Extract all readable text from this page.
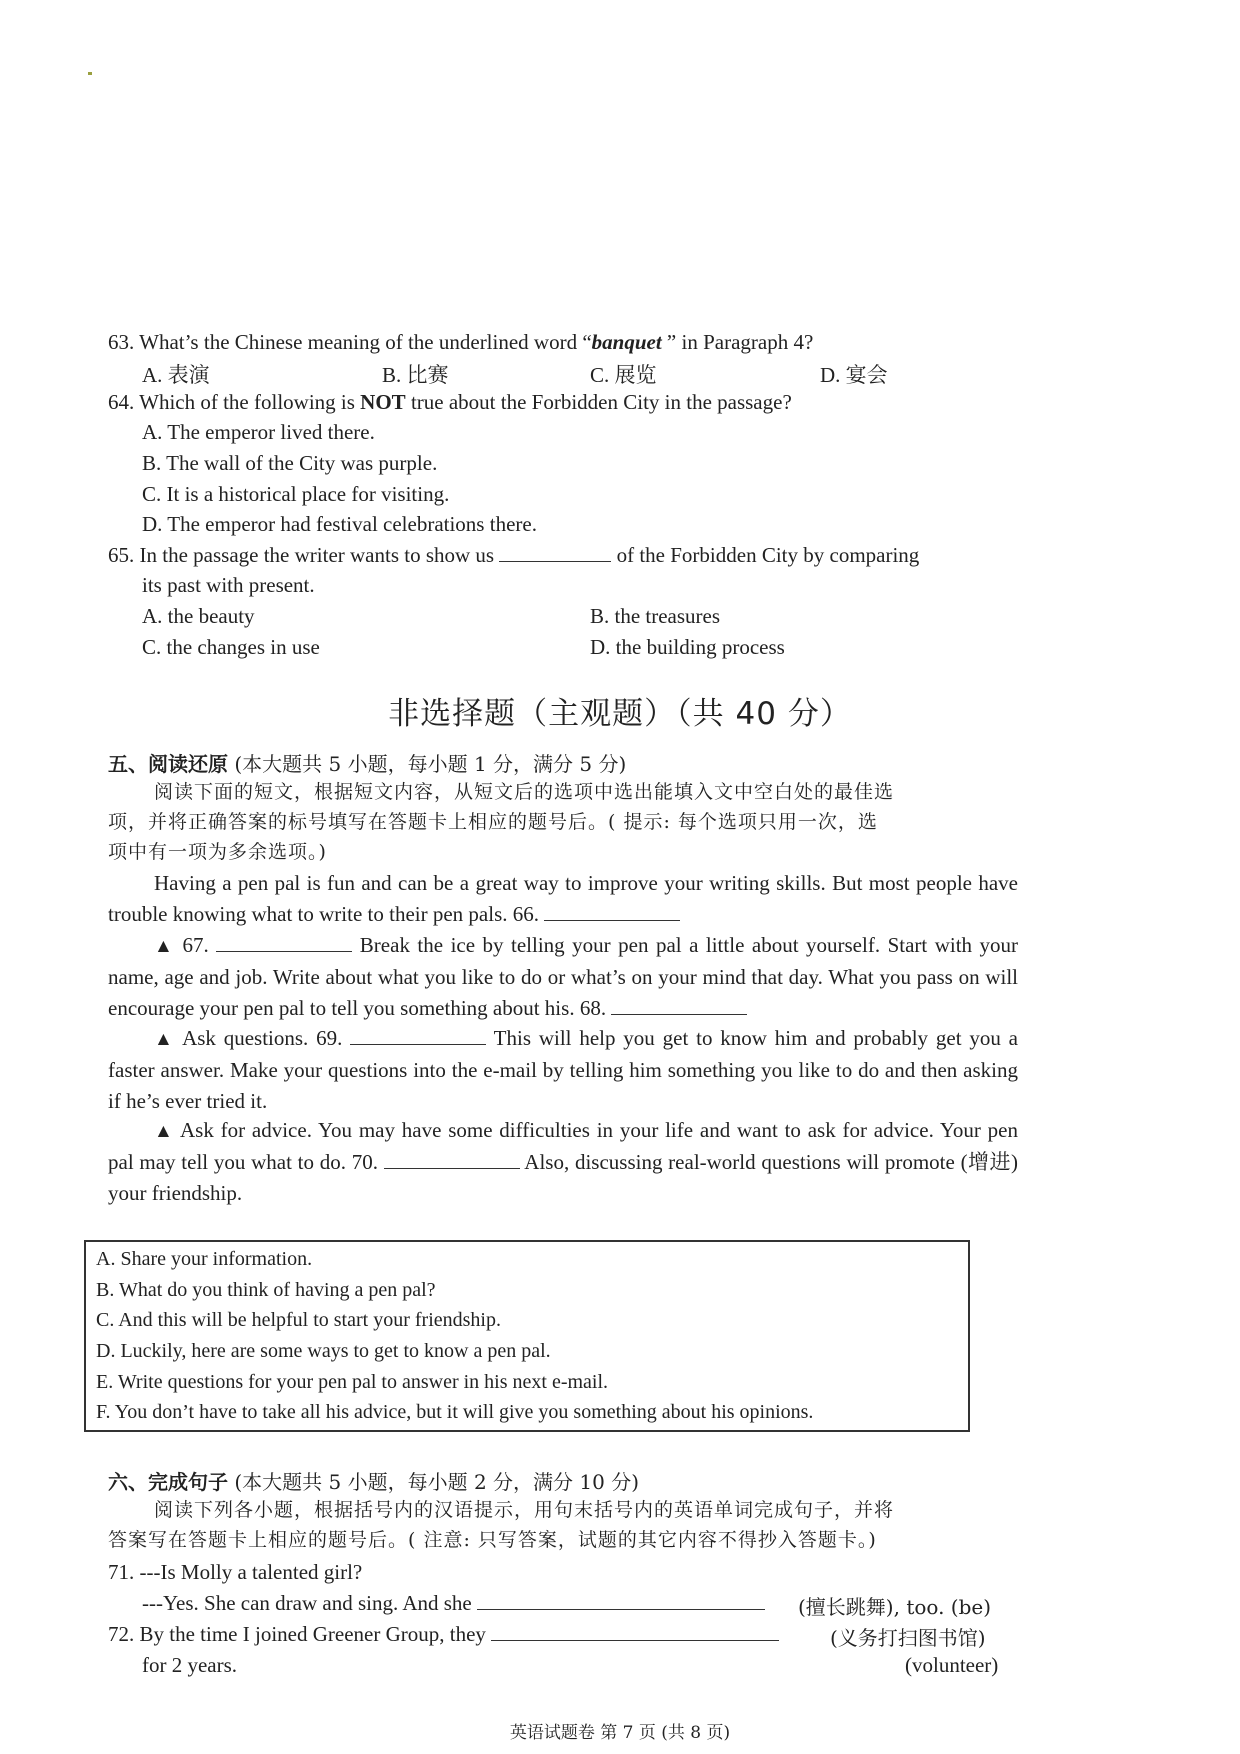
63. What’s the Chinese meaning of the underlined word “banquet ” in Paragraph 4?
A. 表演	B. 比赛	C. 展览	D. 宴会
64. Which of the following is NOT true about the Forbidden City in the passage?
A. The emperor lived there.
B. The wall of the City was purple.
C. It is a historical place for visiting.
D. The emperor had festival celebrations there.
65. In the passage the writer wants to show us	of the Forbidden City by comparing
its past with present.
A. the beauty	B. the treasures
C. the changes in use	D. the building process
非选择题（主观题）（共 40 分）
五、阅读还原 (本大题共 5 小题，每小题 1 分，满分 5 分)
阅读下面的短文，根据短文内容，从短文后的选项中选出能填入文中空白处的最佳选
项，并将正确答案的标号填写在答题卡上相应的题号后。( 提示: 每个选项只用一次，选
项中有一项为多余选项。)
Having a pen pal is fun and can be a great way to improve your writing skills. But most people have trouble knowing what to write to their pen pals. 66.
▲ 67.	Break the ice by telling your pen pal a little about yourself. Start with your name, age and job. Write about what you like to do or what’s on your mind that day. What you pass on will encourage your pen pal to tell you something about his. 68.
▲ Ask questions. 69.	This will help you get to know him and probably get you a faster answer. Make your questions into the e-mail by telling him something you like to do and then asking if he’s ever tried it.
▲ Ask for advice. You may have some difficulties in your life and want to ask for advice. Your pen pal may tell you what to do. 70.	Also, discussing real-world questions will promote (增进) your friendship.
A. Share your information.
B. What do you think of having a pen pal?
C. And this will be helpful to start your friendship.
D. Luckily, here are some ways to get to know a pen pal.
E. Write questions for your pen pal to answer in his next e-mail.
F. You don’t have to take all his advice, but it will give you something about his opinions.
六、完成句子 (本大题共 5 小题，每小题 2 分，满分 10 分)
阅读下列各小题，根据括号内的汉语提示，用句末括号内的英语单词完成句子，并将
答案写在答题卡上相应的题号后。( 注意: 只写答案，试题的其它内容不得抄入答题卡。)
71. ---Is Molly a talented girl?
---Yes. She can draw and sing. And she	(擅长跳舞), too. (be)
72. By the time I joined Greener Group, they	(义务打扫图书馆)
for 2 years.	(volunteer)
英语试题卷 第 7 页 (共 8 页)
